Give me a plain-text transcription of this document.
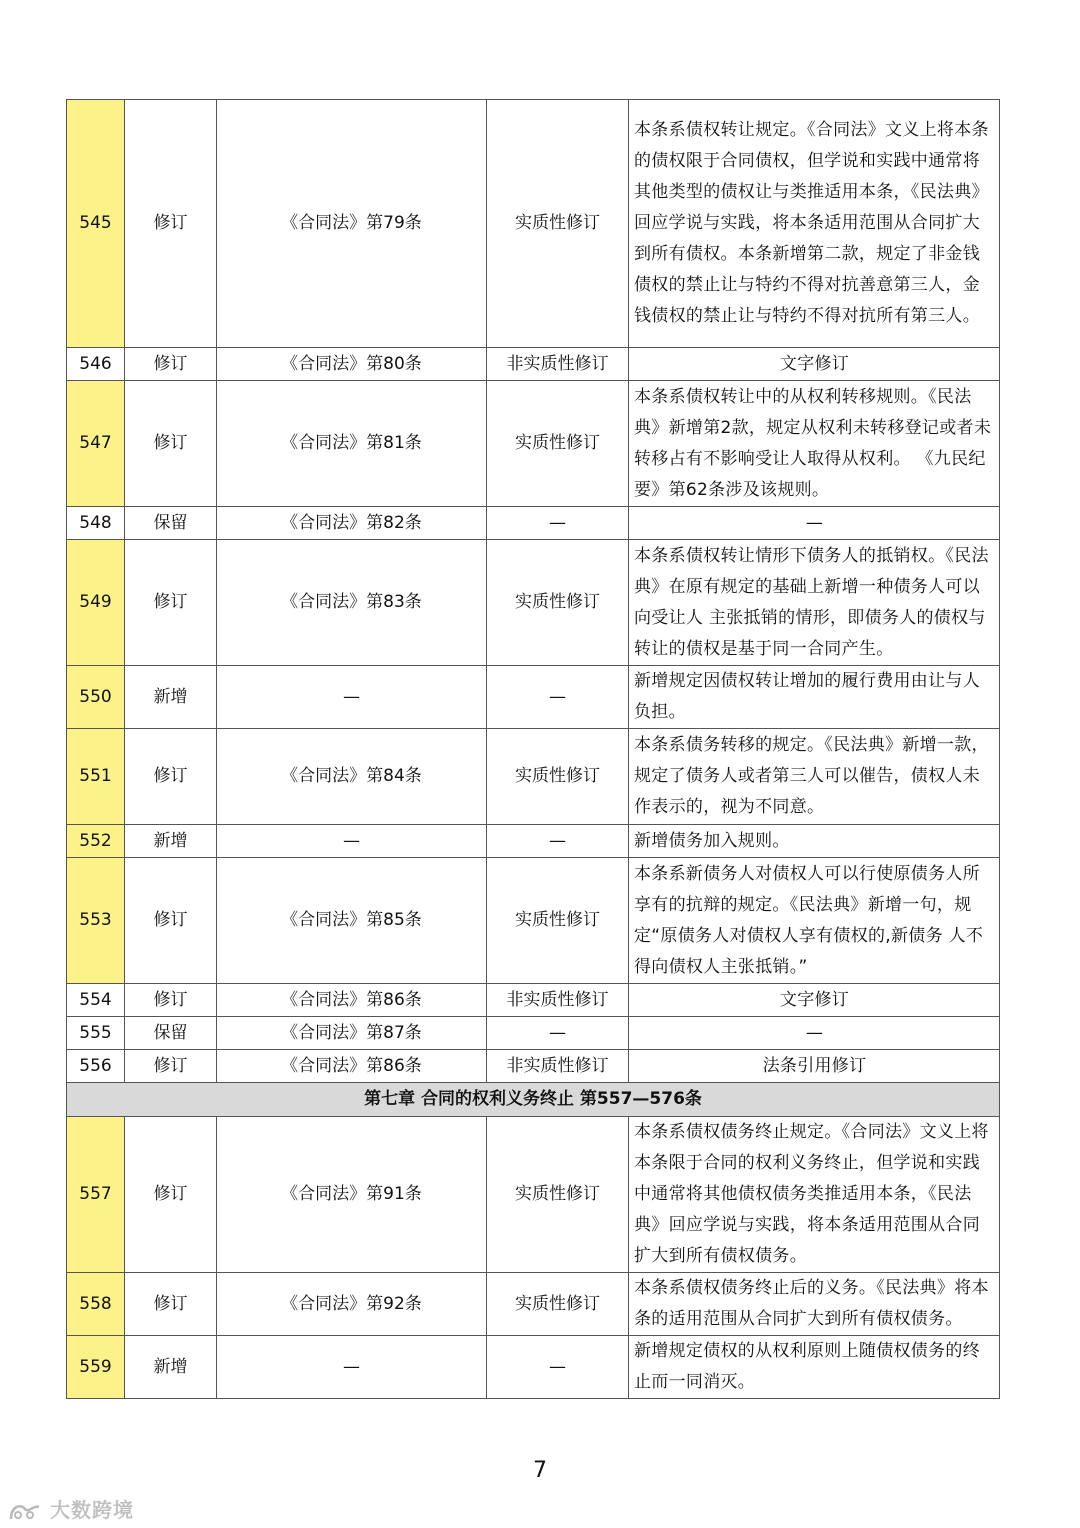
545	修订	《合同法》第79条	实质性修订	本条系债权转让规定。《合同法》文义上将本条的债权限于合同债权，但学说和实践中通常将其他类型的债权让与类推适用本条，《民法典》回应学说与实践，将本条适用范围从合同扩大到所有债权。本条新增第二款，规定了非金钱债权的禁止让与特约不得对抗善意第三人，金钱债权的禁止让与特约不得对抗所有第三人。
546	修订	《合同法》第80条	非实质性修订	文字修订
547	修订	《合同法》第81条	实质性修订	本条系债权转让中的从权利转移规则。《民法典》新增第2款，规定从权利未转移登记或者未转移占有不影响受让人取得从权利。 《九民纪要》第62条涉及该规则。
548	保留	《合同法》第82条	—	—
549	修订	《合同法》第83条	实质性修订	本条系债权转让情形下债务人的抵销权。《民法典》在原有规定的基础上新增一种债务人可以向受让人 主张抵销的情形，即债务人的债权与转让的债权是基于同一合同产生。
550	新增	—	—	新增规定因债权转让增加的履行费用由让与人负担。
551	修订	《合同法》第84条	实质性修订	本条系债务转移的规定。《民法典》新增一款，规定了债务人或者第三人可以催告，债权人未作表示的，视为不同意。
552	新增	—	—	新增债务加入规则。
553	修订	《合同法》第85条	实质性修订	本条系新债务人对债权人可以行使原债务人所享有的抗辩的规定。《民法典》新增一句，规定“原债务人对债权人享有债权的,新债务 人不得向债权人主张抵销。”
554	修订	《合同法》第86条	非实质性修订	文字修订
555	保留	《合同法》第87条	—	—
556	修订	《合同法》第86条	非实质性修订	法条引用修订
第七章 合同的权利义务终止 第557—576条				
557	修订	《合同法》第91条	实质性修订	本条系债权债务终止规定。《合同法》文义上将本条限于合同的权利义务终止，但学说和实践中通常将其他债权债务类推适用本条，《民法典》回应学说与实践，将本条适用范围从合同扩大到所有债权债务。
558	修订	《合同法》第92条	实质性修订	本条系债权债务终止后的义务。《民法典》将本条的适用范围从合同扩大到所有债权债务。
559	新增	—	—	新增规定债权的从权利原则上随债权债务的终止而一同消灭。
7
大数跨境
